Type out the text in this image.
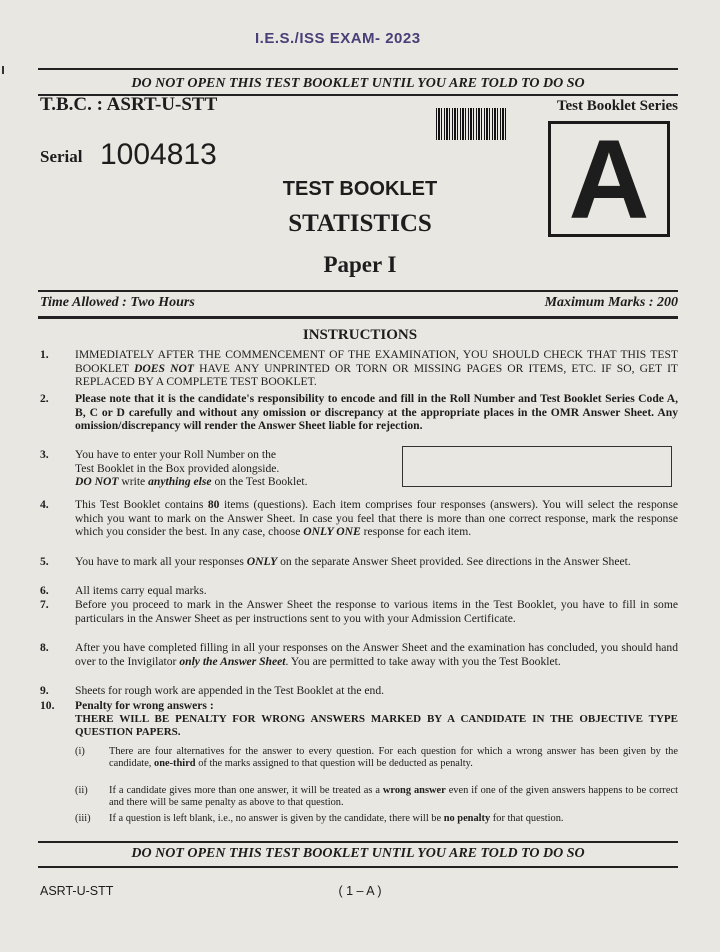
I.E.S./ISS EXAM- 2023
DO NOT OPEN THIS TEST BOOKLET UNTIL YOU ARE TOLD TO DO SO
T.B.C. : ASRT-U-STT	Test Booklet Series
Serial 1004813	A
TEST BOOKLET
STATISTICS
Paper I
Time Allowed : Two Hours	Maximum Marks : 200
INSTRUCTIONS
1. IMMEDIATELY AFTER THE COMMENCEMENT OF THE EXAMINATION, YOU SHOULD CHECK THAT THIS TEST BOOKLET DOES NOT HAVE ANY UNPRINTED OR TORN OR MISSING PAGES OR ITEMS, ETC. IF SO, GET IT REPLACED BY A COMPLETE TEST BOOKLET.
2. Please note that it is the candidate's responsibility to encode and fill in the Roll Number and Test Booklet Series Code A, B, C or D carefully and without any omission or discrepancy at the appropriate places in the OMR Answer Sheet. Any omission/discrepancy will render the Answer Sheet liable for rejection.
3. You have to enter your Roll Number on the
Test Booklet in the Box provided alongside.
DO NOT write anything else on the Test Booklet.
4. This Test Booklet contains 80 items (questions). Each item comprises four responses (answers). You will select the response which you want to mark on the Answer Sheet. In case you feel that there is more than one correct response, mark the response which you consider the best. In any case, choose ONLY ONE response for each item.
5. You have to mark all your responses ONLY on the separate Answer Sheet provided. See directions in the Answer Sheet.
6. All items carry equal marks.
7. Before you proceed to mark in the Answer Sheet the response to various items in the Test Booklet, you have to fill in some particulars in the Answer Sheet as per instructions sent to you with your Admission Certificate.
8. After you have completed filling in all your responses on the Answer Sheet and the examination has concluded, you should hand over to the Invigilator only the Answer Sheet. You are permitted to take away with you the Test Booklet.
9. Sheets for rough work are appended in the Test Booklet at the end.
10. Penalty for wrong answers :
THERE WILL BE PENALTY FOR WRONG ANSWERS MARKED BY A CANDIDATE IN THE OBJECTIVE TYPE QUESTION PAPERS.
(i) There are four alternatives for the answer to every question. For each question for which a wrong answer has been given by the candidate, one-third of the marks assigned to that question will be deducted as penalty.
(ii) If a candidate gives more than one answer, it will be treated as a wrong answer even if one of the given answers happens to be correct and there will be same penalty as above to that question.
(iii) If a question is left blank, i.e., no answer is given by the candidate, there will be no penalty for that question.
DO NOT OPEN THIS TEST BOOKLET UNTIL YOU ARE TOLD TO DO SO
ASRT-U-STT	( 1 – A )
